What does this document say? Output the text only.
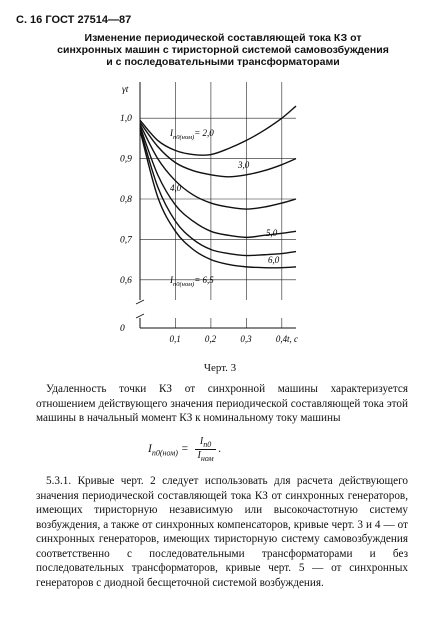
С. 16 ГОСТ 27514—87
Изменение периодической составляющей тока КЗ от
синхронных машин с тиристорной системой самовозбуждения
и с последовательными трансформаторами
1,0
0,9
0,8
0,7
0,6
0
γt
0,1	0,2	0,3	0,4 t, c
$I_{п0(ном)}= 2,0$
3,0
4,0
5,0
6,0
$I_{п0(ном)}= 6,5$
Черт. 3
Удаленность точки КЗ от синхронной машины характеризуется отношением действующего значения периодической составляющей тока этой машины в начальный момент КЗ к номинальному току машины
$I_{п0(ном)} = \frac{I_{п0}}{I_{ном}}$ .
5.3.1. Кривые черт. 2 следует использовать для расчета действующего значения периодической составляющей тока КЗ от синхронных генераторов, имеющих тиристорную независимую или высокочастотную систему возбуждения, а также от синхронных компенсаторов, кривые черт. 3 и 4 — от синхронных генераторов, имеющих тиристорную систему самовозбуждения соответственно с последовательными трансформаторами и без последовательных трансформаторов, кривые черт. 5 — от синхронных генераторов с диодной бесщеточной системой возбуждения.
